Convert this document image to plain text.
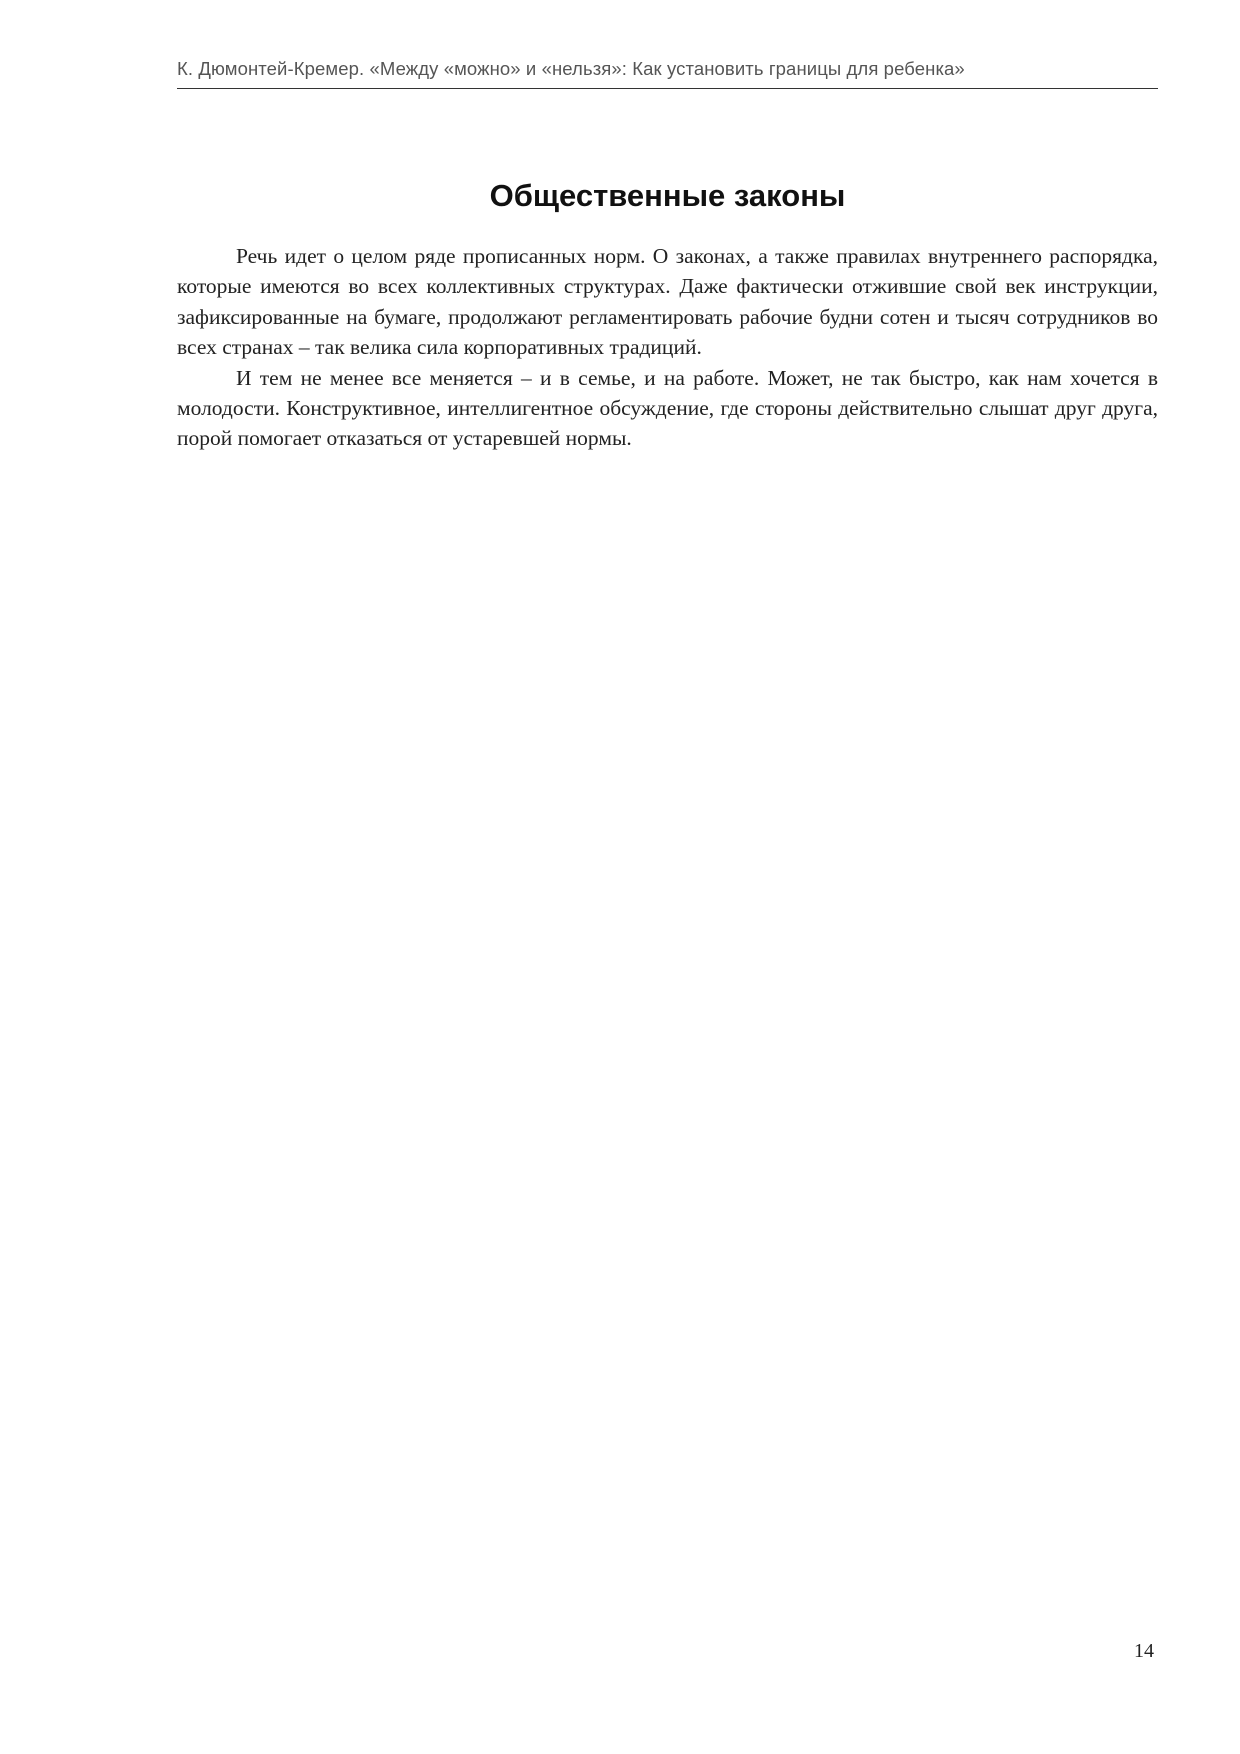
К. Дюмонтей-Кремер. «Между «можно» и «нельзя»: Как установить границы для ребенка»
Общественные законы

Речь идет о целом ряде прописанных норм. О законах, а также правилах внутреннего распорядка, которые имеются во всех коллективных структурах. Даже фактически отжившие свой век инструкции, зафиксированные на бумаге, продолжают регламентировать рабочие будни сотен и тысяч сотрудников во всех странах – так велика сила корпоративных традиций.

И тем не менее все меняется – и в семье, и на работе. Может, не так быстро, как нам хочется в молодости. Конструктивное, интеллигентное обсуждение, где стороны действительно слышат друг друга, порой помогает отказаться от устаревшей нормы.

14
